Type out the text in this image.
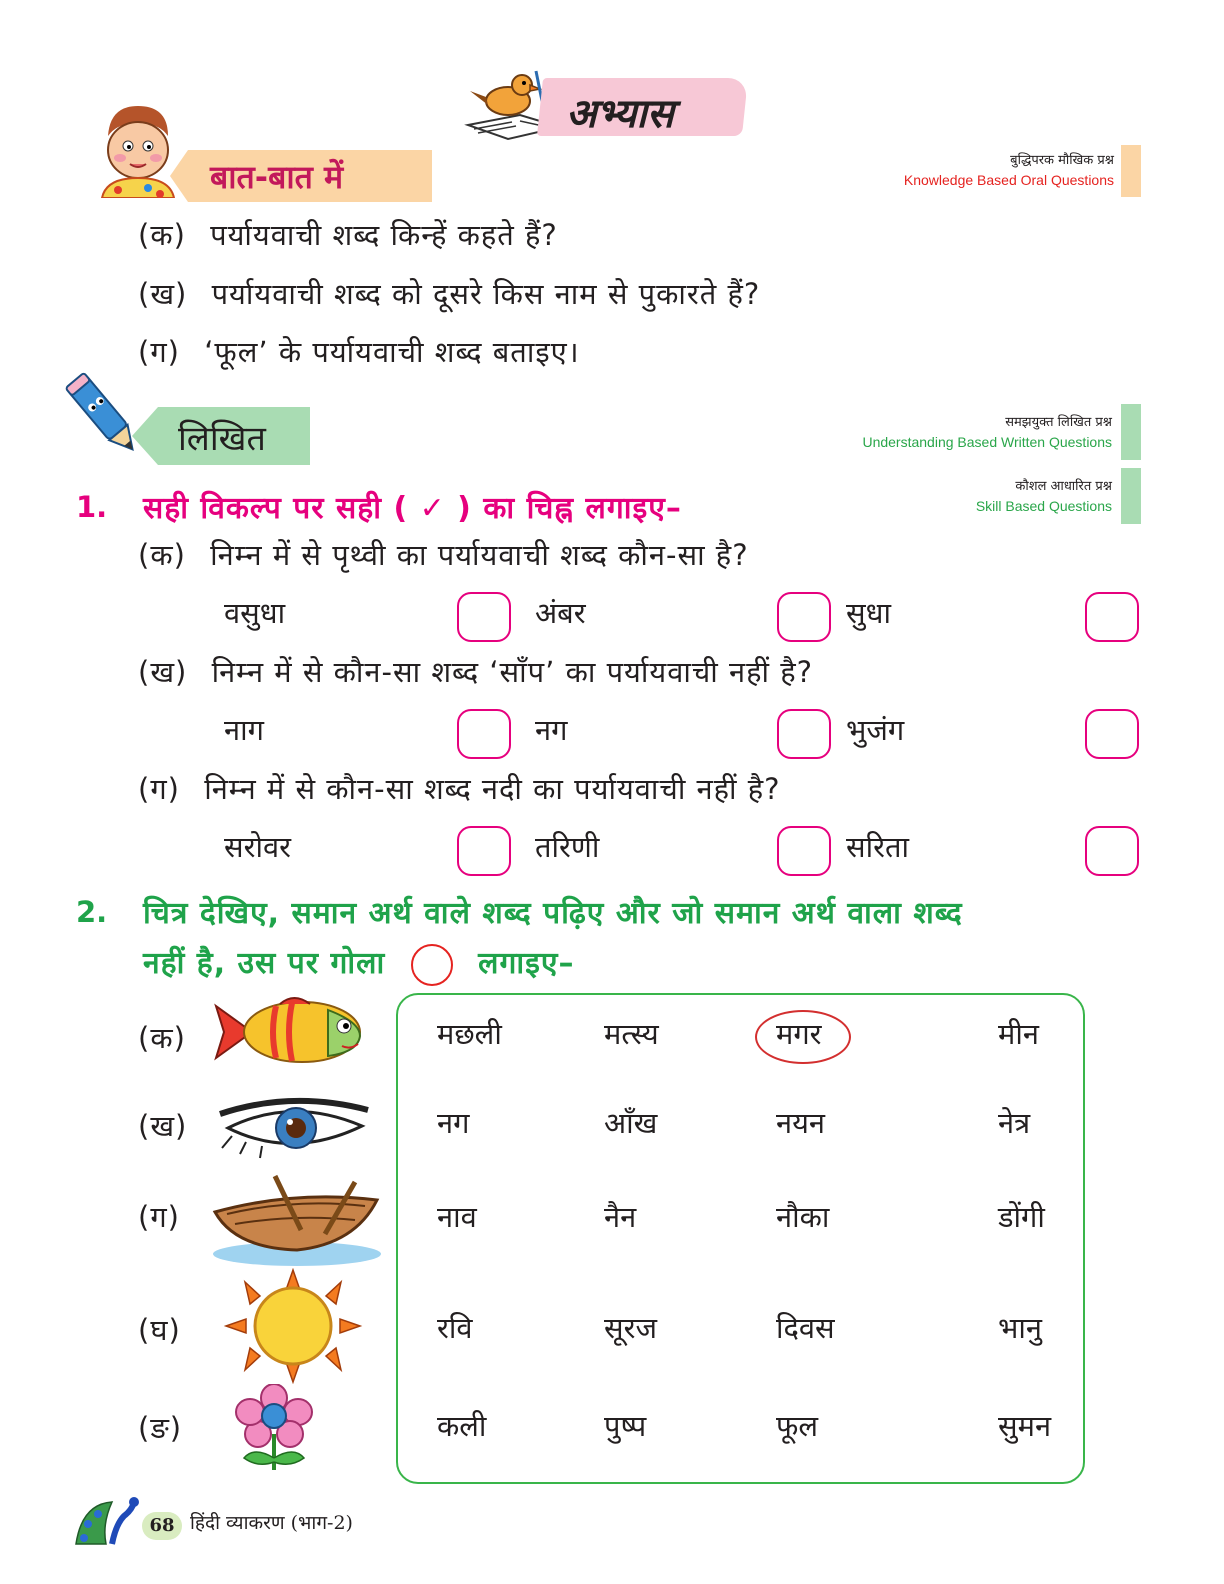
अभ्यास
बात-बात में	बुद्धिपरक मौखिक प्रश्न
Knowledge Based Oral Questions
(क) पर्यायवाची शब्द किन्हें कहते हैं?
(ख) पर्यायवाची शब्द को दूसरे किस नाम से पुकारते हैं?
(ग) ‘फूल’ के पर्यायवाची शब्द बताइए।
लिखित	समझयुक्त लिखित प्रश्न
Understanding Based Written Questions
कौशल आधारित प्रश्न
Skill Based Questions
1. सही विकल्प पर सही ( ✓ ) का चिह्न लगाइए–
(क) निम्न में से पृथ्वी का पर्यायवाची शब्द कौन-सा है?
वसुधा	अंबर	सुधा
(ख) निम्न में से कौन-सा शब्द ‘साँप’ का पर्यायवाची नहीं है?
नाग	नग	भुजंग
(ग) निम्न में से कौन-सा शब्द नदी का पर्यायवाची नहीं है?
सरोवर	तरिणी	सरिता
2. चित्र देखिए, समान अर्थ वाले शब्द पढ़िए और जो समान अर्थ वाला शब्द
नहीं है, उस पर गोला	लगाइए–
(क)
(ख)
(ग)
(घ)
(ङ)
मछली	मत्स्य	मगर	मीन
नग	आँख	नयन	नेत्र
नाव	नैन	नौका	डोंगी
रवि	सूरज	दिवस	भानु
कली	पुष्प	फूल	सुमन
68 हिंदी व्याकरण (भाग-2)
